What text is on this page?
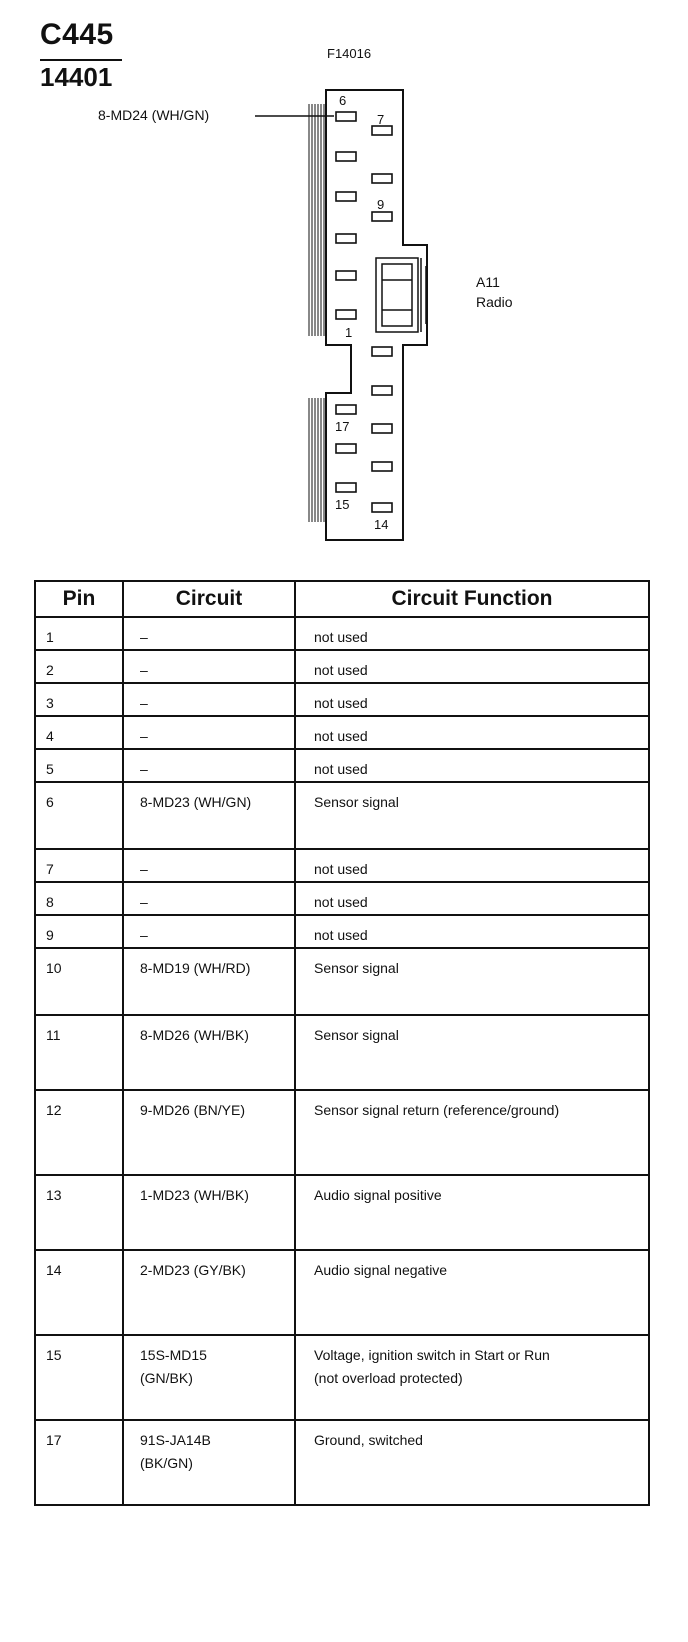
C445
14401
F14016
8-MD24 (WH/GN)
A11
Radio
6
7
9
1
17
15
14
Pin	Circuit	Circuit Function
1	–	not used

2	–	not used

3	–	not used

4	–	not used

5	–	not used

6	8-MD23 (WH/GN)	Sensor signal

7	–	not used

8	–	not used

9	–	not used

10	8-MD19 (WH/RD)	Sensor signal

11	8-MD26 (WH/BK)	Sensor signal

12	9-MD26 (BN/YE)	Sensor signal return (reference/ground)

13	1-MD23 (WH/BK)	Audio signal positive

14	2-MD23 (GY/BK)	Audio signal negative

15	15S-MD15
(GN/BK)	Voltage, ignition switch in Start or Run
(not overload protected)

17	91S-JA14B
(BK/GN)	Ground, switched
